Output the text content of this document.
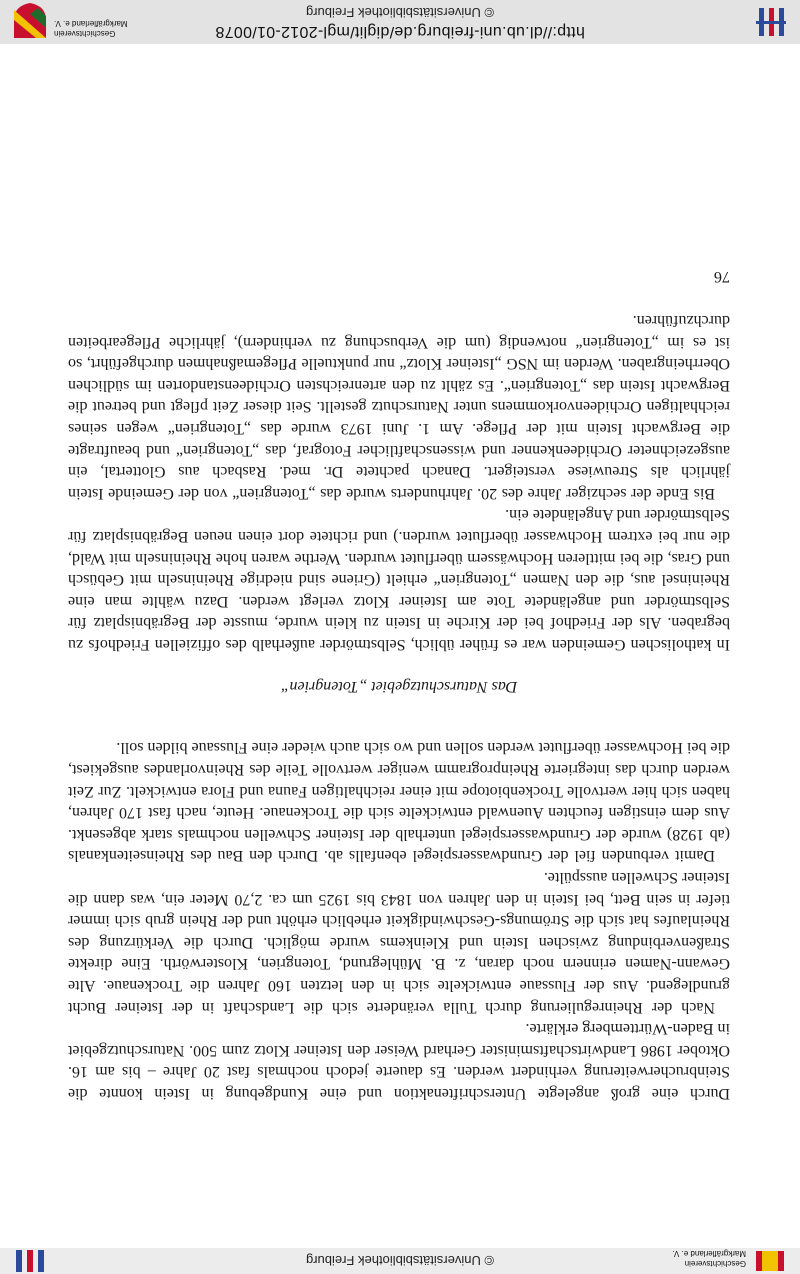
© Universitätsbibliothek Freiburg	Geschichtsverein Markgräflerland e. V.

Durch eine groß angelegte Unterschriftenaktion und eine Kundgebung in Istein konnte die Steinbrucherweiterung verhindert werden. Es dauerte jedoch nochmals fast 20 Jahre – bis am 16. Oktober 1986 Landwirtschaftsminister Gerhard Weiser den Isteiner Klotz zum 500. Naturschutzgebiet in Baden-Württemberg erklärte.

Nach der Rheinregulierung durch Tulla veränderte sich die Landschaft in der Isteiner Bucht grundlegend. Aus der Flussaue entwickelte sich in den letzten 160 Jahren die Trockenaue. Alte Gewann-Namen erinnern noch daran, z. B. Mühlegrund, Totengrien, Klosterwörth. Eine direkte Straßenverbindung zwischen Istein und Kleinkems wurde möglich. Durch die Verkürzung des Rheinlaufes hat sich die Strömungs-Geschwindigkeit erheblich erhöht und der Rhein grub sich immer tiefer in sein Bett, bei Istein in den Jahren von 1843 bis 1925 um ca. 2,70 Meter ein, was dann die Isteiner Schwellen ausspülte.

Damit verbunden fiel der Grundwasserspiegel ebenfalls ab. Durch den Bau des Rheinseitenkanals (ab 1928) wurde der Grundwasserspiegel unterhalb der Isteiner Schwellen nochmals stark abgesenkt. Aus dem einstigen feuchten Auenwald entwickelte sich die Trockenaue. Heute, nach fast 170 Jahren, haben sich hier wertvolle Trockenbiotope mit einer reichhaltigen Fauna und Flora entwickelt. Zur Zeit werden durch das integrierte Rheinprogramm weniger wertvolle Teile des Rheinvorlandes ausgekiest, die bei Hochwasser überflutet werden sollen und wo sich auch wieder eine Flussaue bilden soll.

Das Naturschutzgebiet „Totengrien“

In katholischen Gemeinden war es früher üblich, Selbstmörder außerhalb des offiziellen Friedhofs zu begraben. Als der Friedhof bei der Kirche in Istein zu klein wurde, musste der Begräbnisplatz für Selbstmörder und angeländete Tote am Isteiner Klotz verlegt werden. Dazu wählte man eine Rheininsel aus, die den Namen „Totengrien“ erhielt (Griene sind niedrige Rheininseln mit Gebüsch und Gras, die bei mittleren Hochwässern überflutet wurden. Werthe waren hohe Rheininseln mit Wald, die nur bei extrem Hochwasser überflutet wurden.) und richtete dort einen neuen Begräbnisplatz für Selbstmörder und Angeländete ein.

Bis Ende der sechziger Jahre des 20. Jahrhunderts wurde das „Totengrien“ von der Gemeinde Istein jährlich als Streuwiese versteigert. Danach pachtete Dr. med. Rasbach aus Glottertal, ein ausgezeichneter Orchideenkenner und wissenschaftlicher Fotograf, das „Totengrien“ und beauftragte die Bergwacht Istein mit der Pflege. Am 1. Juni 1973 wurde das „Totengrien“ wegen seines reichhaltigen Orchideenvorkommens unter Naturschutz gestellt. Seit dieser Zeit pflegt und betreut die Bergwacht Istein das „Totengrien“. Es zählt zu den artenreichsten Orchideenstandorten im südlichen Oberrheingraben. Werden im NSG „Isteiner Klotz“ nur punktuelle Pflegemaßnahmen durchgeführt, so ist es im „Totengrien“ notwendig (um die Verbuschung zu verhindern), jährliche Pflegearbeiten durchzuführen.

76
http://dl.ub.uni-freiburg.de/diglit/mgl-2012-01/0078
© Universitätsbibliothek Freiburg
Geschichtsverein Markgräflerland e. V.
